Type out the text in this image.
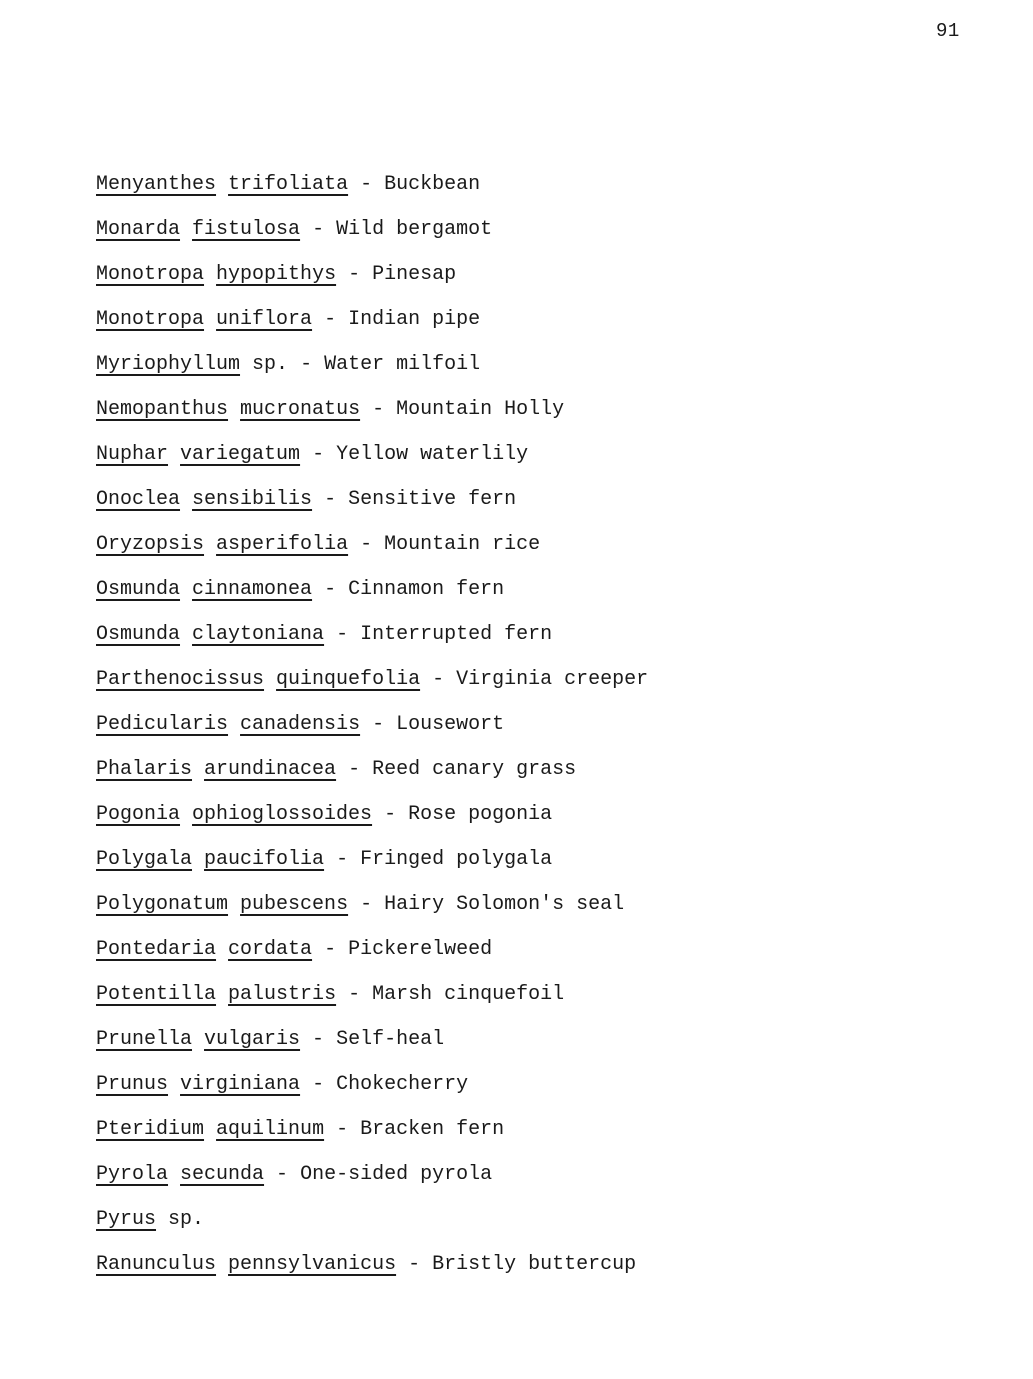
91
Menyanthes trifoliata - Buckbean
Monarda fistulosa - Wild bergamot
Monotropa hypopithys - Pinesap
Monotropa uniflora - Indian pipe
Myriophyllum sp. - Water milfoil
Nemopanthus mucronatus - Mountain Holly
Nuphar variegatum - Yellow waterlily
Onoclea sensibilis - Sensitive fern
Oryzopsis asperifolia - Mountain rice
Osmunda cinnamonea - Cinnamon fern
Osmunda claytoniana - Interrupted fern
Parthenocissus quinquefolia - Virginia creeper
Pedicularis canadensis - Lousewort
Phalaris arundinacea - Reed canary grass
Pogonia ophioglossoides - Rose pogonia
Polygala paucifolia - Fringed polygala
Polygonatum pubescens - Hairy Solomon's seal
Pontedaria cordata - Pickerelweed
Potentilla palustris - Marsh cinquefoil
Prunella vulgaris - Self-heal
Prunus virginiana - Chokecherry
Pteridium aquilinum - Bracken fern
Pyrola secunda - One-sided pyrola
Pyrus sp.
Ranunculus pennsylvanicus - Bristly buttercup
